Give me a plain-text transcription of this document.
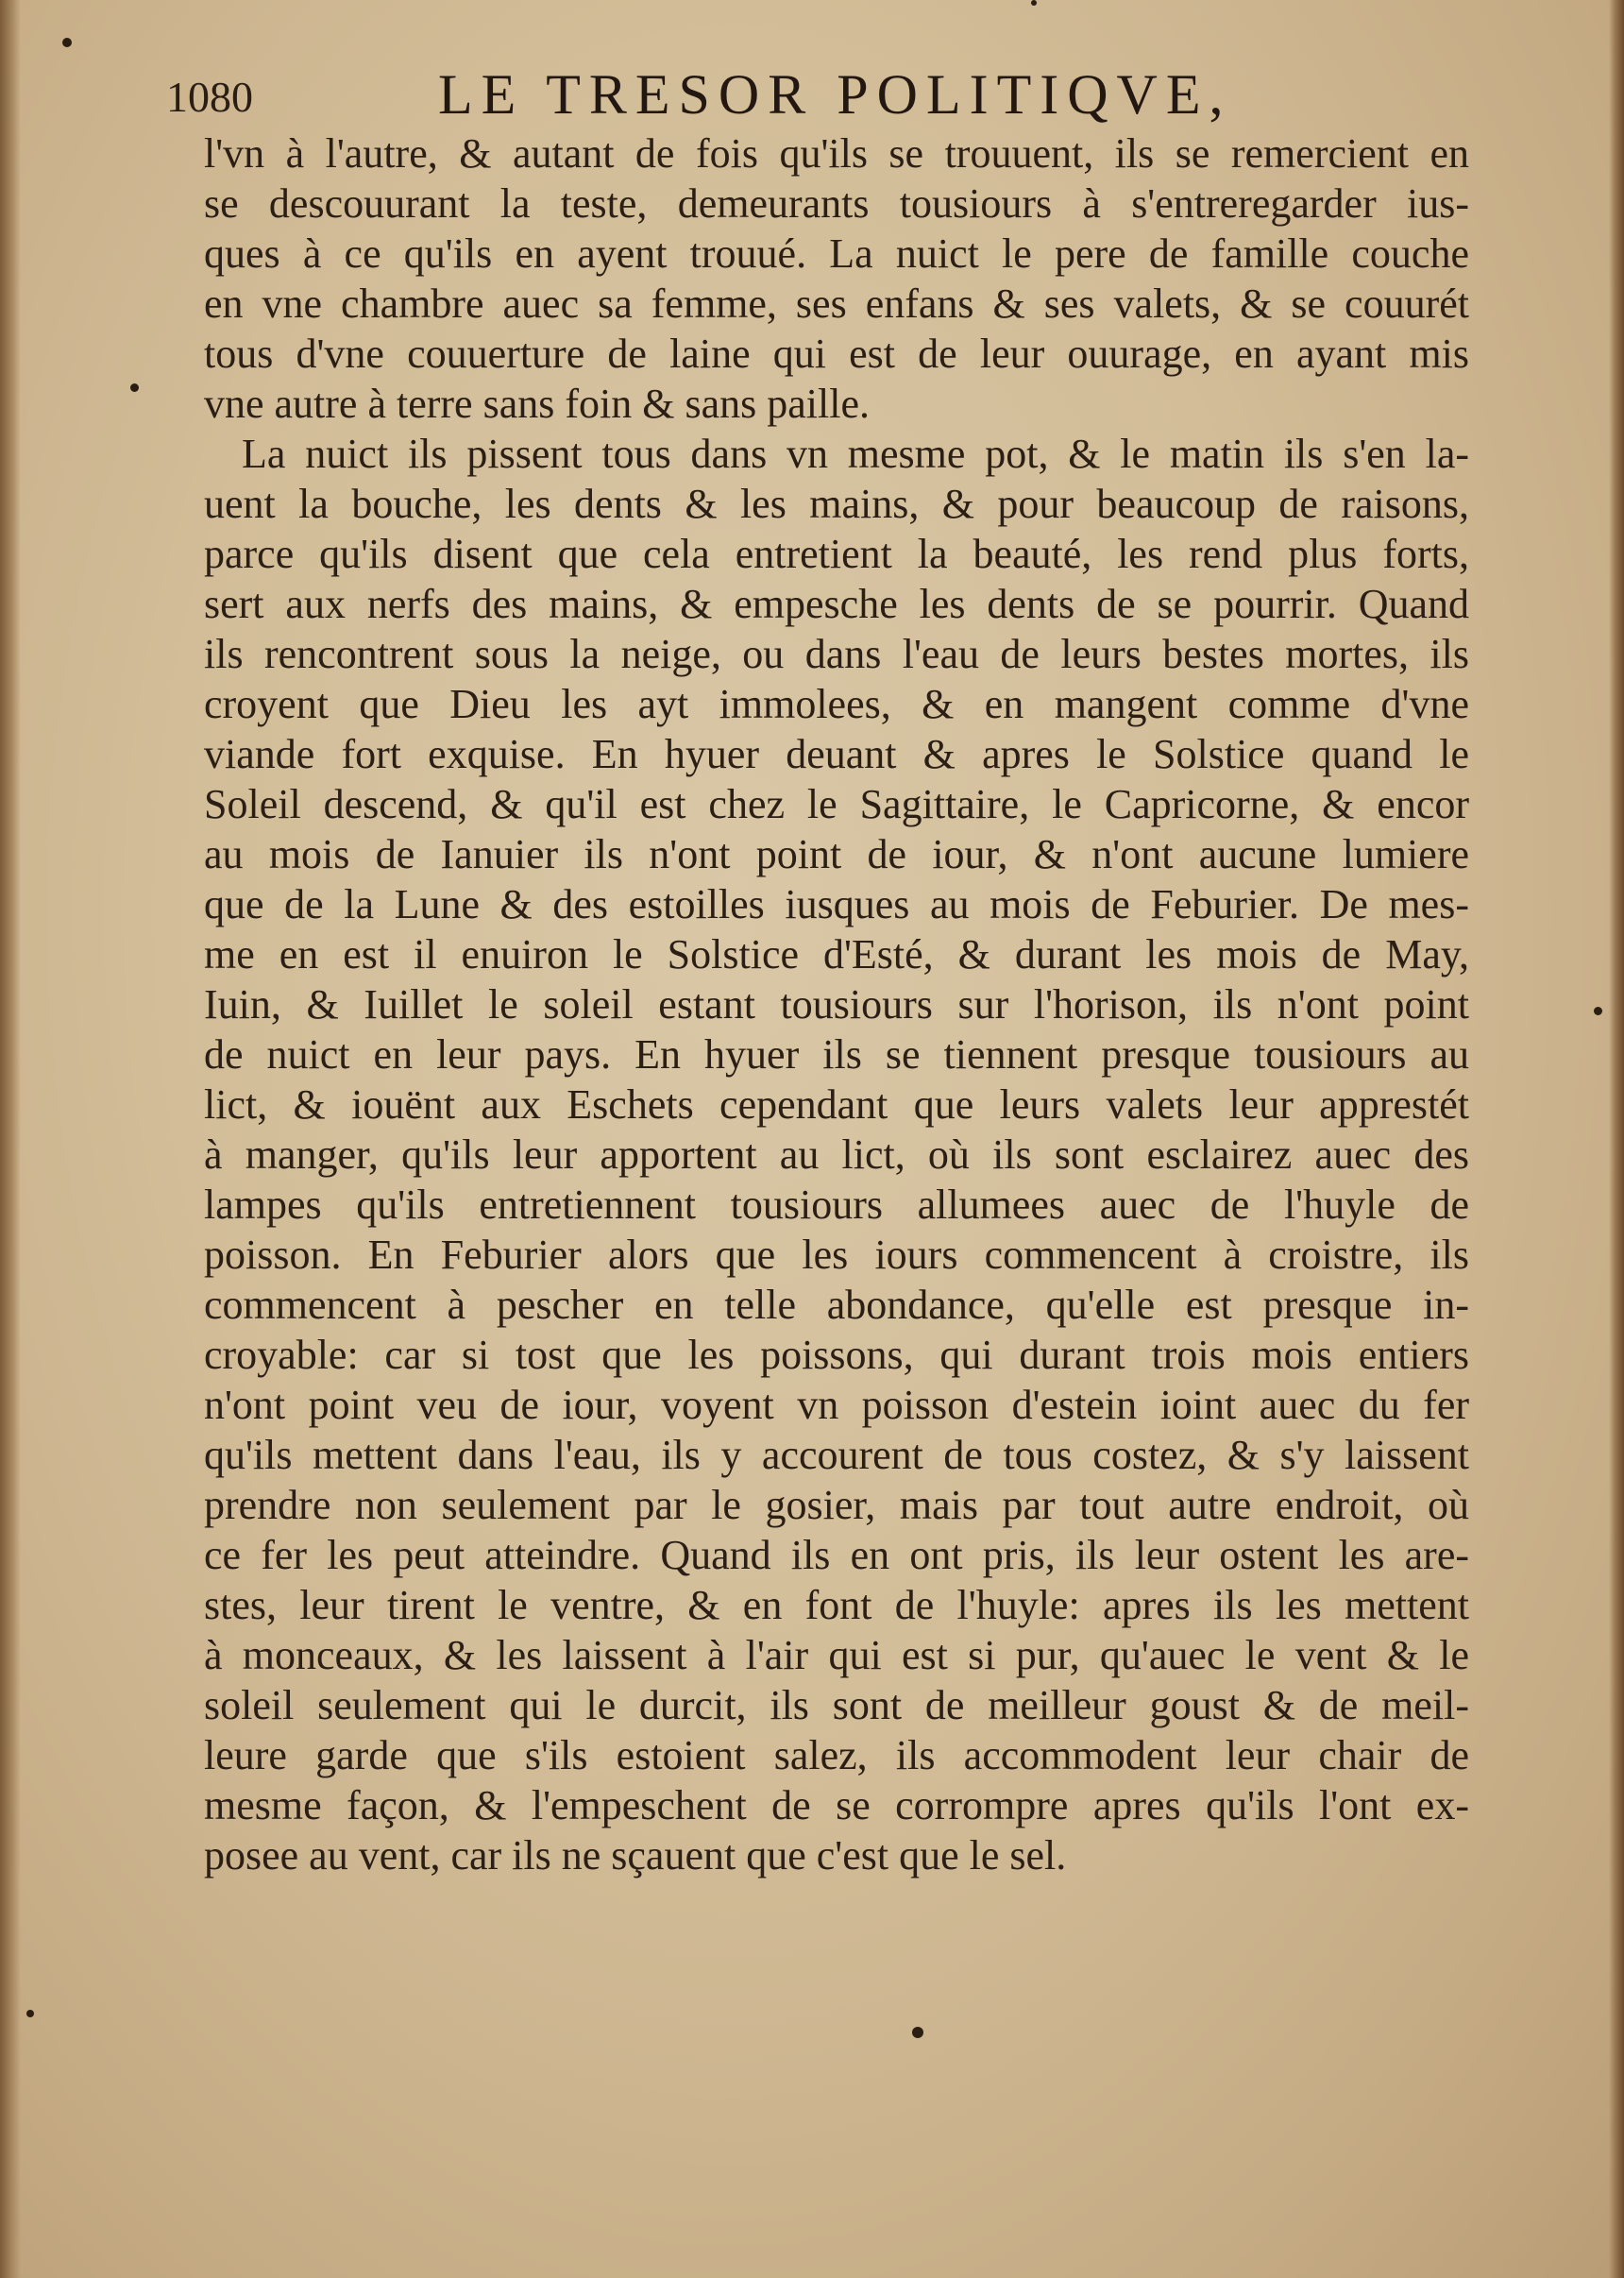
1080	LE TRESOR POLITIQVE,
l'vn à l'autre, & autant de fois qu'ils se trouuent, ils se remercient en
se descouurant la teste, demeurants tousiours à s'entreregarder ius-
ques à ce qu'ils en ayent trouué. La nuict le pere de famille couche
en vne chambre auec sa femme, ses enfans & ses valets, & se couurét
tous d'vne couuerture de laine qui est de leur ouurage, en ayant mis
vne autre à terre sans foin & sans paille.
La nuict ils pissent tous dans vn mesme pot, & le matin ils s'en la-
uent la bouche, les dents & les mains, & pour beaucoup de raisons,
parce qu'ils disent que cela entretient la beauté, les rend plus forts,
sert aux nerfs des mains, & empesche les dents de se pourrir. Quand
ils rencontrent sous la neige, ou dans l'eau de leurs bestes mortes, ils
croyent que Dieu les ayt immolees, & en mangent comme d'vne
viande fort exquise. En hyuer deuant & apres le Solstice quand le
Soleil descend, & qu'il est chez le Sagittaire, le Capricorne, & encor
au mois de Ianuier ils n'ont point de iour, & n'ont aucune lumiere
que de la Lune & des estoilles iusques au mois de Feburier. De mes-
me en est il enuiron le Solstice d'Esté, & durant les mois de May,
Iuin, & Iuillet le soleil estant tousiours sur l'horison, ils n'ont point
de nuict en leur pays. En hyuer ils se tiennent presque tousiours au
lict, & iouënt aux Eschets cependant que leurs valets leur apprestét
à manger, qu'ils leur apportent au lict, où ils sont esclairez auec des
lampes qu'ils entretiennent tousiours allumees auec de l'huyle de
poisson. En Feburier alors que les iours commencent à croistre, ils
commencent à pescher en telle abondance, qu'elle est presque in-
croyable: car si tost que les poissons, qui durant trois mois entiers
n'ont point veu de iour, voyent vn poisson d'estein ioint auec du fer
qu'ils mettent dans l'eau, ils y accourent de tous costez, & s'y laissent
prendre non seulement par le gosier, mais par tout autre endroit, où
ce fer les peut atteindre. Quand ils en ont pris, ils leur ostent les are-
stes, leur tirent le ventre, & en font de l'huyle: apres ils les mettent
à monceaux, & les laissent à l'air qui est si pur, qu'auec le vent & le
soleil seulement qui le durcit, ils sont de meilleur goust & de meil-
leure garde que s'ils estoient salez, ils accommodent leur chair de
mesme façon, & l'empeschent de se corrompre apres qu'ils l'ont ex-
posee au vent, car ils ne sçauent que c'est que le sel.
